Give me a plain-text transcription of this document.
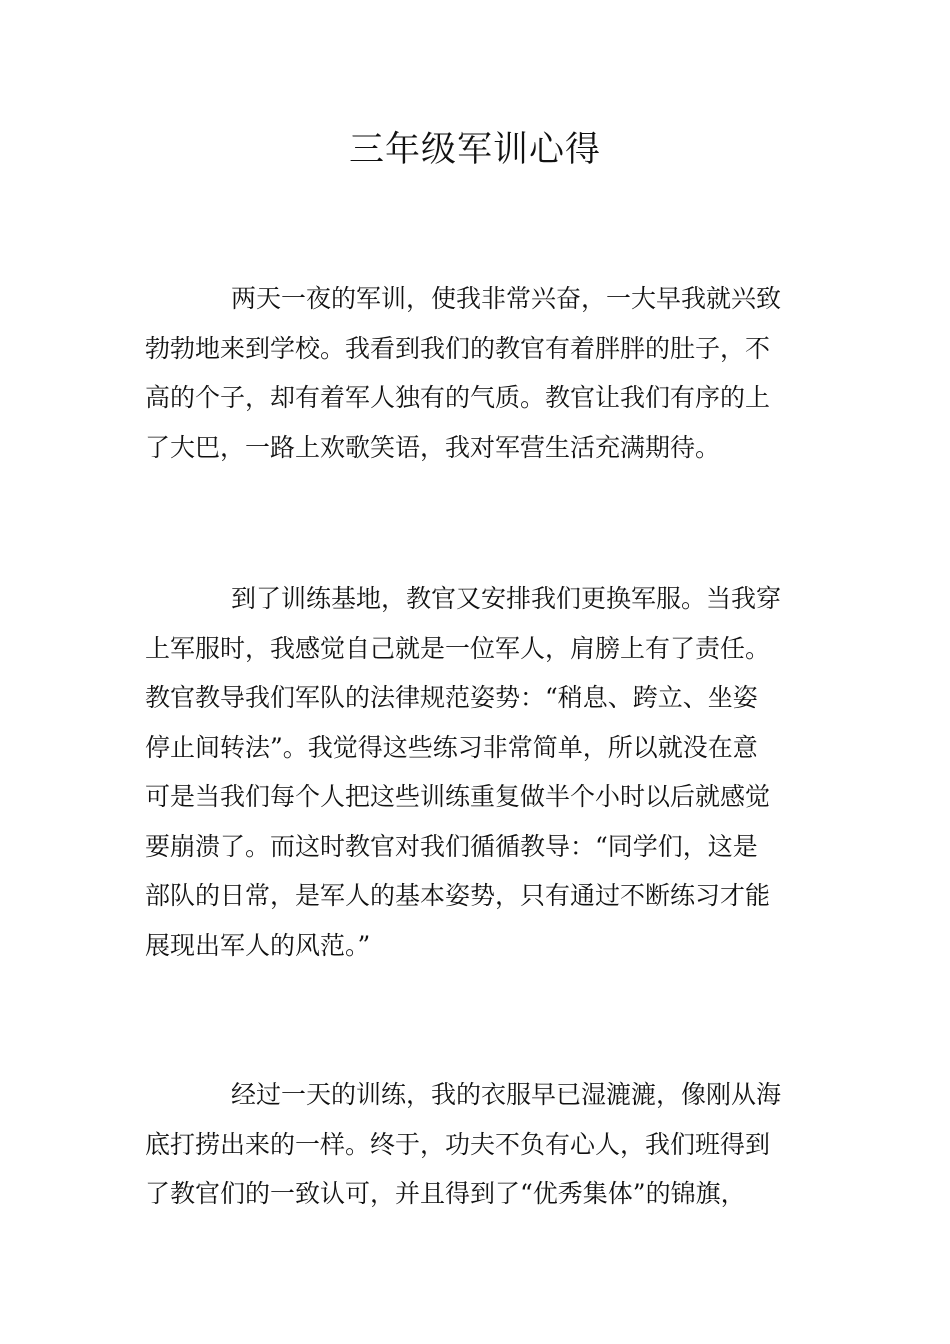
三年级军训心得
两天一夜的军训，使我非常兴奋，一大早我就兴致
勃勃地来到学校。我看到我们的教官有着胖胖的肚子，不
高的个子，却有着军人独有的气质。教官让我们有序的上
了大巴，一路上欢歌笑语，我对军营生活充满期待。
到了训练基地，教官又安排我们更换军服。当我穿
上军服时，我感觉自己就是一位军人，肩膀上有了责任。
教官教导我们军队的法律规范姿势：“稍息、跨立、坐姿
停止间转法”。我觉得这些练习非常简单，所以就没在意
可是当我们每个人把这些训练重复做半个小时以后就感觉
要崩溃了。而这时教官对我们循循教导：“同学们，这是
部队的日常，是军人的基本姿势，只有通过不断练习才能
展现出军人的风范。”
经过一天的训练，我的衣服早已湿漉漉，像刚从海
底打捞出来的一样。终于，功夫不负有心人，我们班得到
了教官们的一致认可，并且得到了“优秀集体”的锦旗，
